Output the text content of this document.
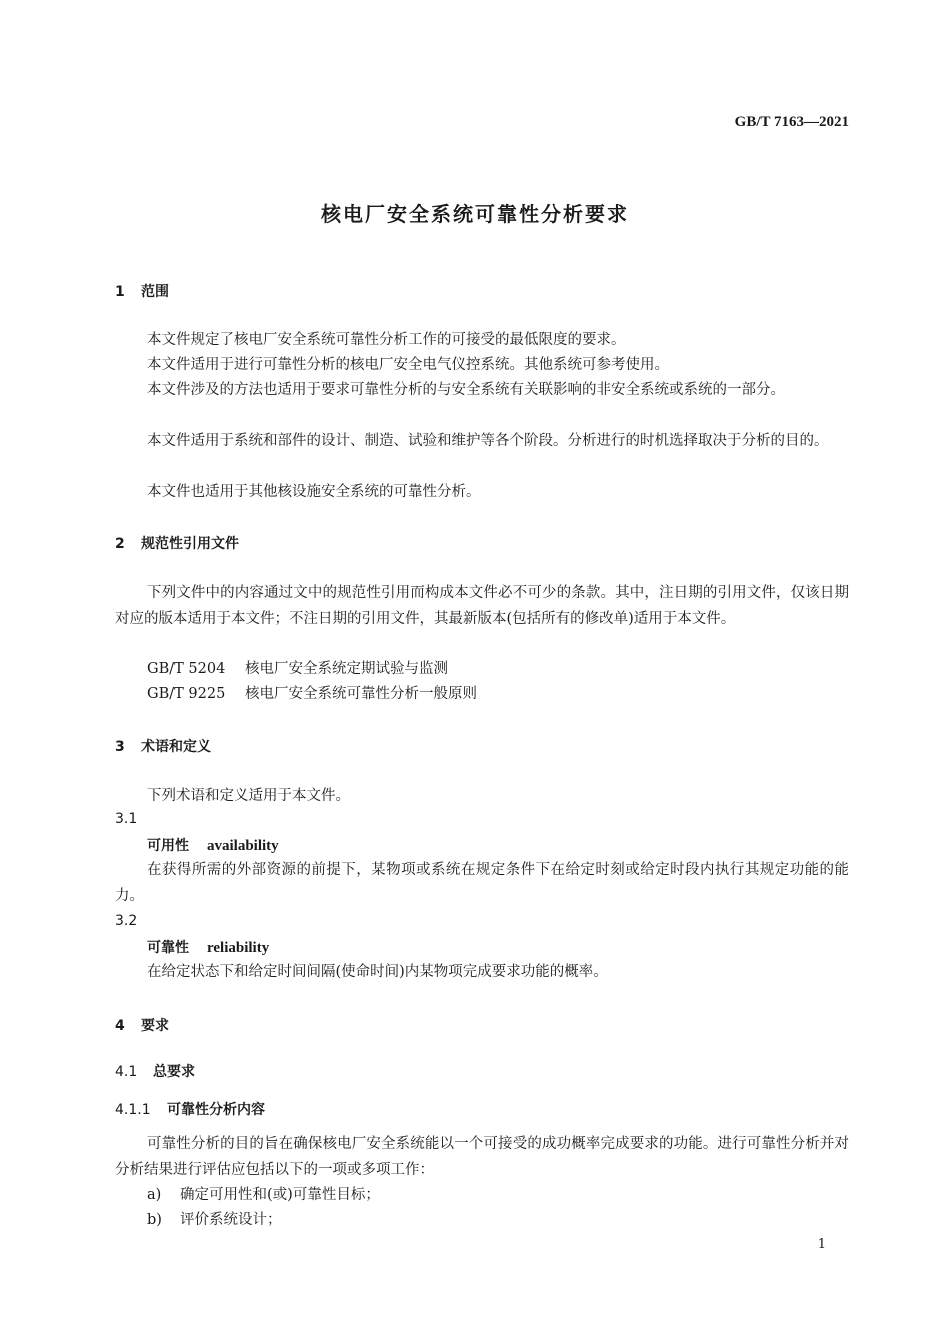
GB/T 7163—2021
核电厂安全系统可靠性分析要求
1 范围
本文件规定了核电厂安全系统可靠性分析工作的可接受的最低限度的要求。
本文件适用于进行可靠性分析的核电厂安全电气仪控系统。其他系统可参考使用。
本文件涉及的方法也适用于要求可靠性分析的与安全系统有关联影响的非安全系统或系统的一部分。
本文件适用于系统和部件的设计、制造、试验和维护等各个阶段。分析进行的时机选择取决于分析的目的。
本文件也适用于其他核设施安全系统的可靠性分析。
2 规范性引用文件
下列文件中的内容通过文中的规范性引用而构成本文件必不可少的条款。其中，注日期的引用文件，仅该日期对应的版本适用于本文件；不注日期的引用文件，其最新版本(包括所有的修改单)适用于本文件。
GB/T 5204 核电厂安全系统定期试验与监测
GB/T 9225 核电厂安全系统可靠性分析一般原则
3 术语和定义
下列术语和定义适用于本文件。
3.1
可用性 availability
在获得所需的外部资源的前提下，某物项或系统在规定条件下在给定时刻或给定时段内执行其规定功能的能力。
3.2
可靠性 reliability
在给定状态下和给定时间间隔(使命时间)内某物项完成要求功能的概率。
4 要求
4.1 总要求
4.1.1 可靠性分析内容
可靠性分析的目的旨在确保核电厂安全系统能以一个可接受的成功概率完成要求的功能。进行可靠性分析并对分析结果进行评估应包括以下的一项或多项工作：
a) 确定可用性和(或)可靠性目标；
b) 评价系统设计；
1
